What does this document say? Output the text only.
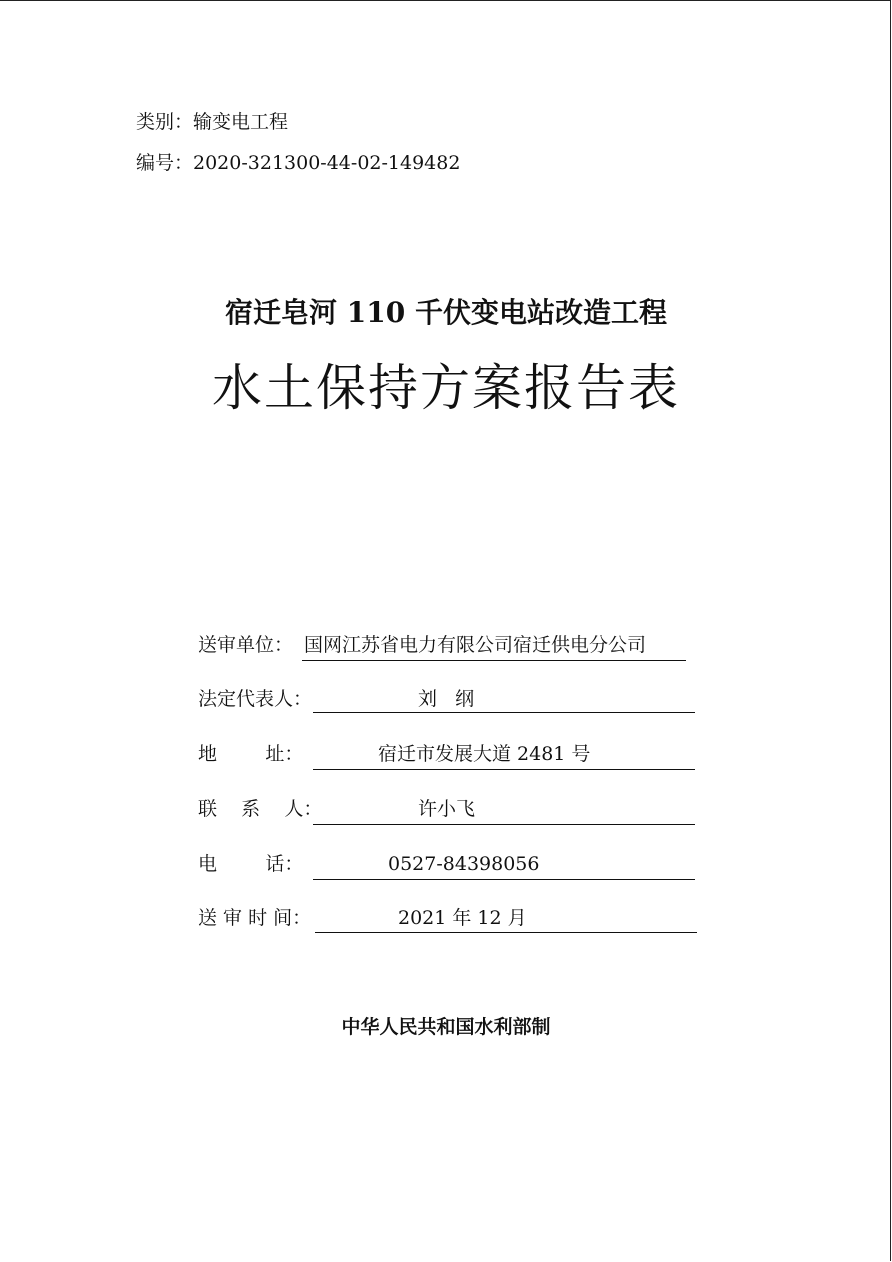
类别：输变电工程
编号：2020-321300-44-02-149482
宿迁皂河 110 千伏变电站改造工程
水土保持方案报告表
送审单位： 国网江苏省电力有限公司宿迁供电分公司
法定代表人：	刘   纲
地        址：	宿迁市发展大道 2481 号
联    系    人：	许小飞
电        话：	0527-84398056
送 审 时 间：	2021 年 12 月
中华人民共和国水利部制
